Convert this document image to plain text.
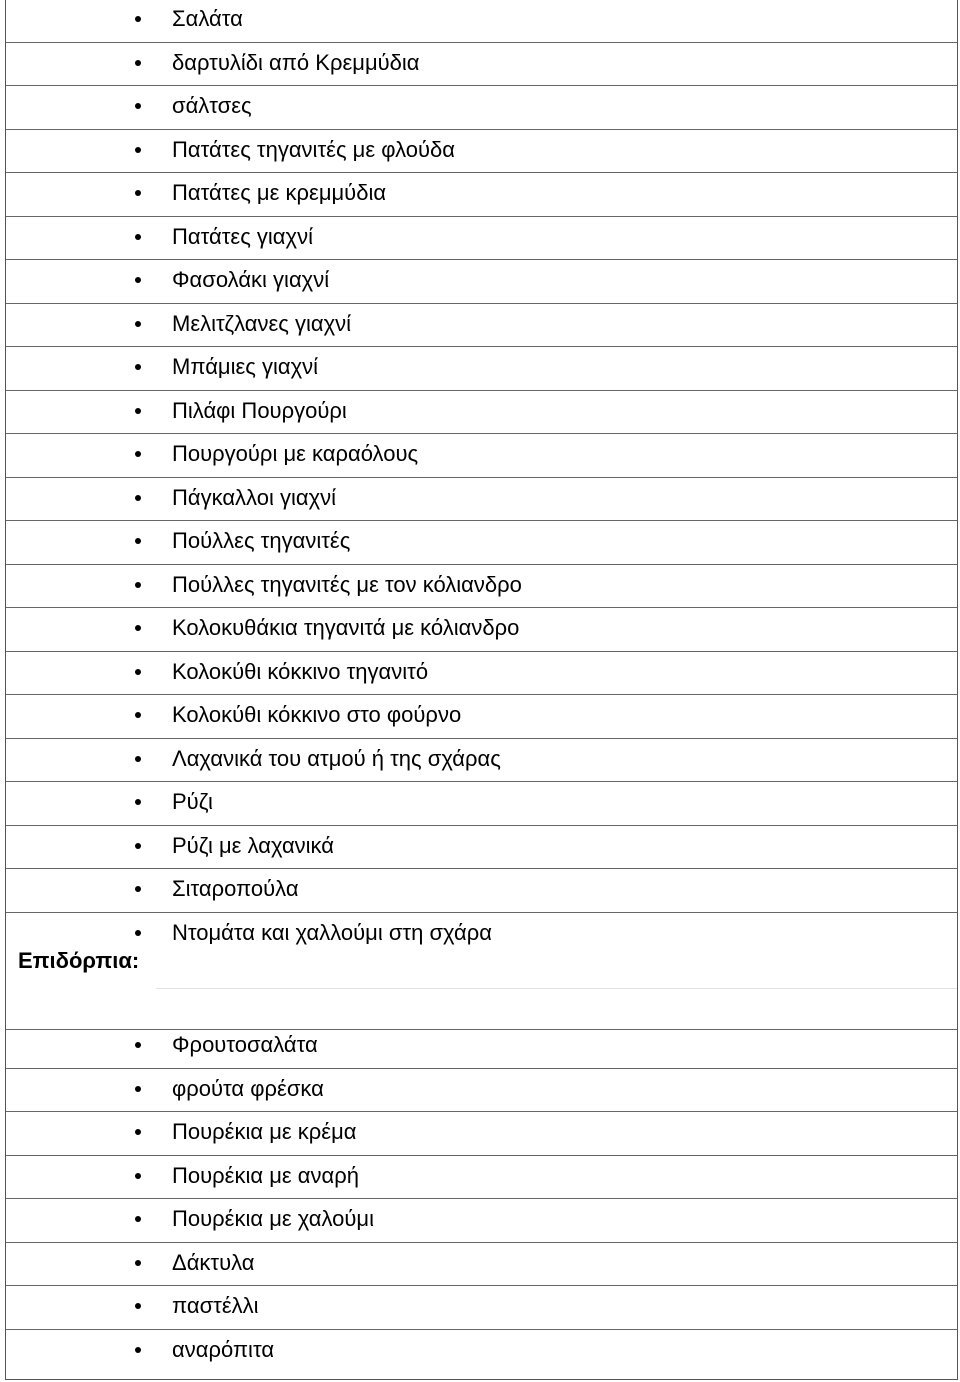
Επιδόρπια:
Σαλάτα
δαρτυλίδι από Κρεμμύδια
σάλτσες
Πατάτες τηγανιτές με φλούδα
Πατάτες με κρεμμύδια
Πατάτες γιαχνί
Φασολάκι γιαχνί
Μελιτζλανες γιαχνί
Μπάμιες γιαχνί
Πιλάφι Πουργούρι
Πουργούρι με καραόλους
Πάγκαλλοι γιαχνί
Πούλλες τηγανιτές
Πούλλες τηγανιτές με τον κόλιανδρο
Κολοκυθάκια τηγανιτά με κόλιανδρο
Κολοκύθι κόκκινο τηγανιτό
Κολοκύθι κόκκινο στο φούρνο
Λαχανικά του ατμού ή της σχάρας
Ρύζι
Ρύζι με λαχανικά
Σιταροπούλα
Ντομάτα και χαλλούμι στη σχάρα
Φρουτοσαλάτα
φρούτα φρέσκα
Πουρέκια με κρέμα
Πουρέκια με αναρή
Πουρέκια με χαλούμι
Δάκτυλα
παστέλλι
αναρόπιτα
